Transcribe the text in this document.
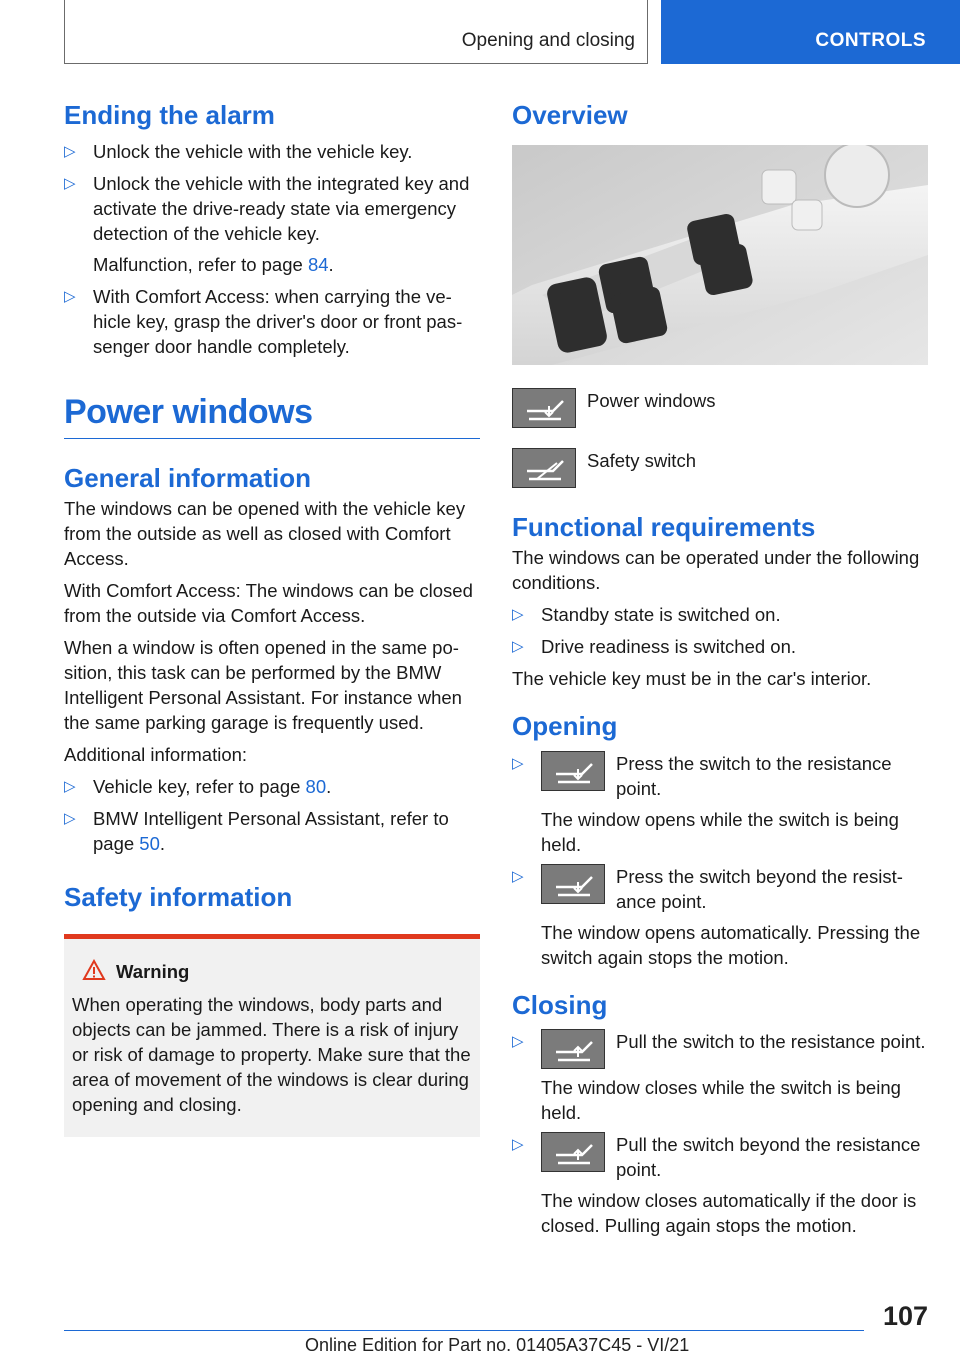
Opening and closing	CONTROLS
Ending the alarm
▷ Unlock the vehicle with the vehicle key.
▷ Unlock the vehicle with the integrated key and activate the drive-ready state via emergency detection of the vehicle key.
Malfunction, refer to page 84.
▷ With Comfort Access: when carrying the vehicle key, grasp the driver's door or front passenger door handle completely.
Power windows
General information

The windows can be opened with the vehicle key from the outside as well as closed with Comfort Access.

With Comfort Access: The windows can be closed from the outside via Comfort Access.

When a window is often opened in the same position, this task can be performed by the BMW Intelligent Personal Assistant. For instance when the same parking garage is frequently used.

Additional information:

▷ Vehicle key, refer to page 80.
▷ BMW Intelligent Personal Assistant, refer to page 50.
Safety information
Warning

When operating the windows, body parts and objects can be jammed. There is a risk of injury or risk of damage to property. Make sure that the area of movement of the windows is clear during opening and closing.

Overview
Power windows
Safety switch
Functional requirements

The windows can be operated under the following conditions.

▷ Standby state is switched on.
▷ Drive readiness is switched on.

The vehicle key must be in the car's interior.

Opening
▷	Press the switch to the resistance point.
The window opens while the switch is being held.
▷	Press the switch beyond the resistance point.
The window opens automatically. Pressing the switch again stops the motion.
Closing
▷	Pull the switch to the resistance point.
The window closes while the switch is being held.
▷	Pull the switch beyond the resistance point.
The window closes automatically if the door is closed. Pulling again stops the motion.
107
Online Edition for Part no. 01405A37C45 - VI/21
